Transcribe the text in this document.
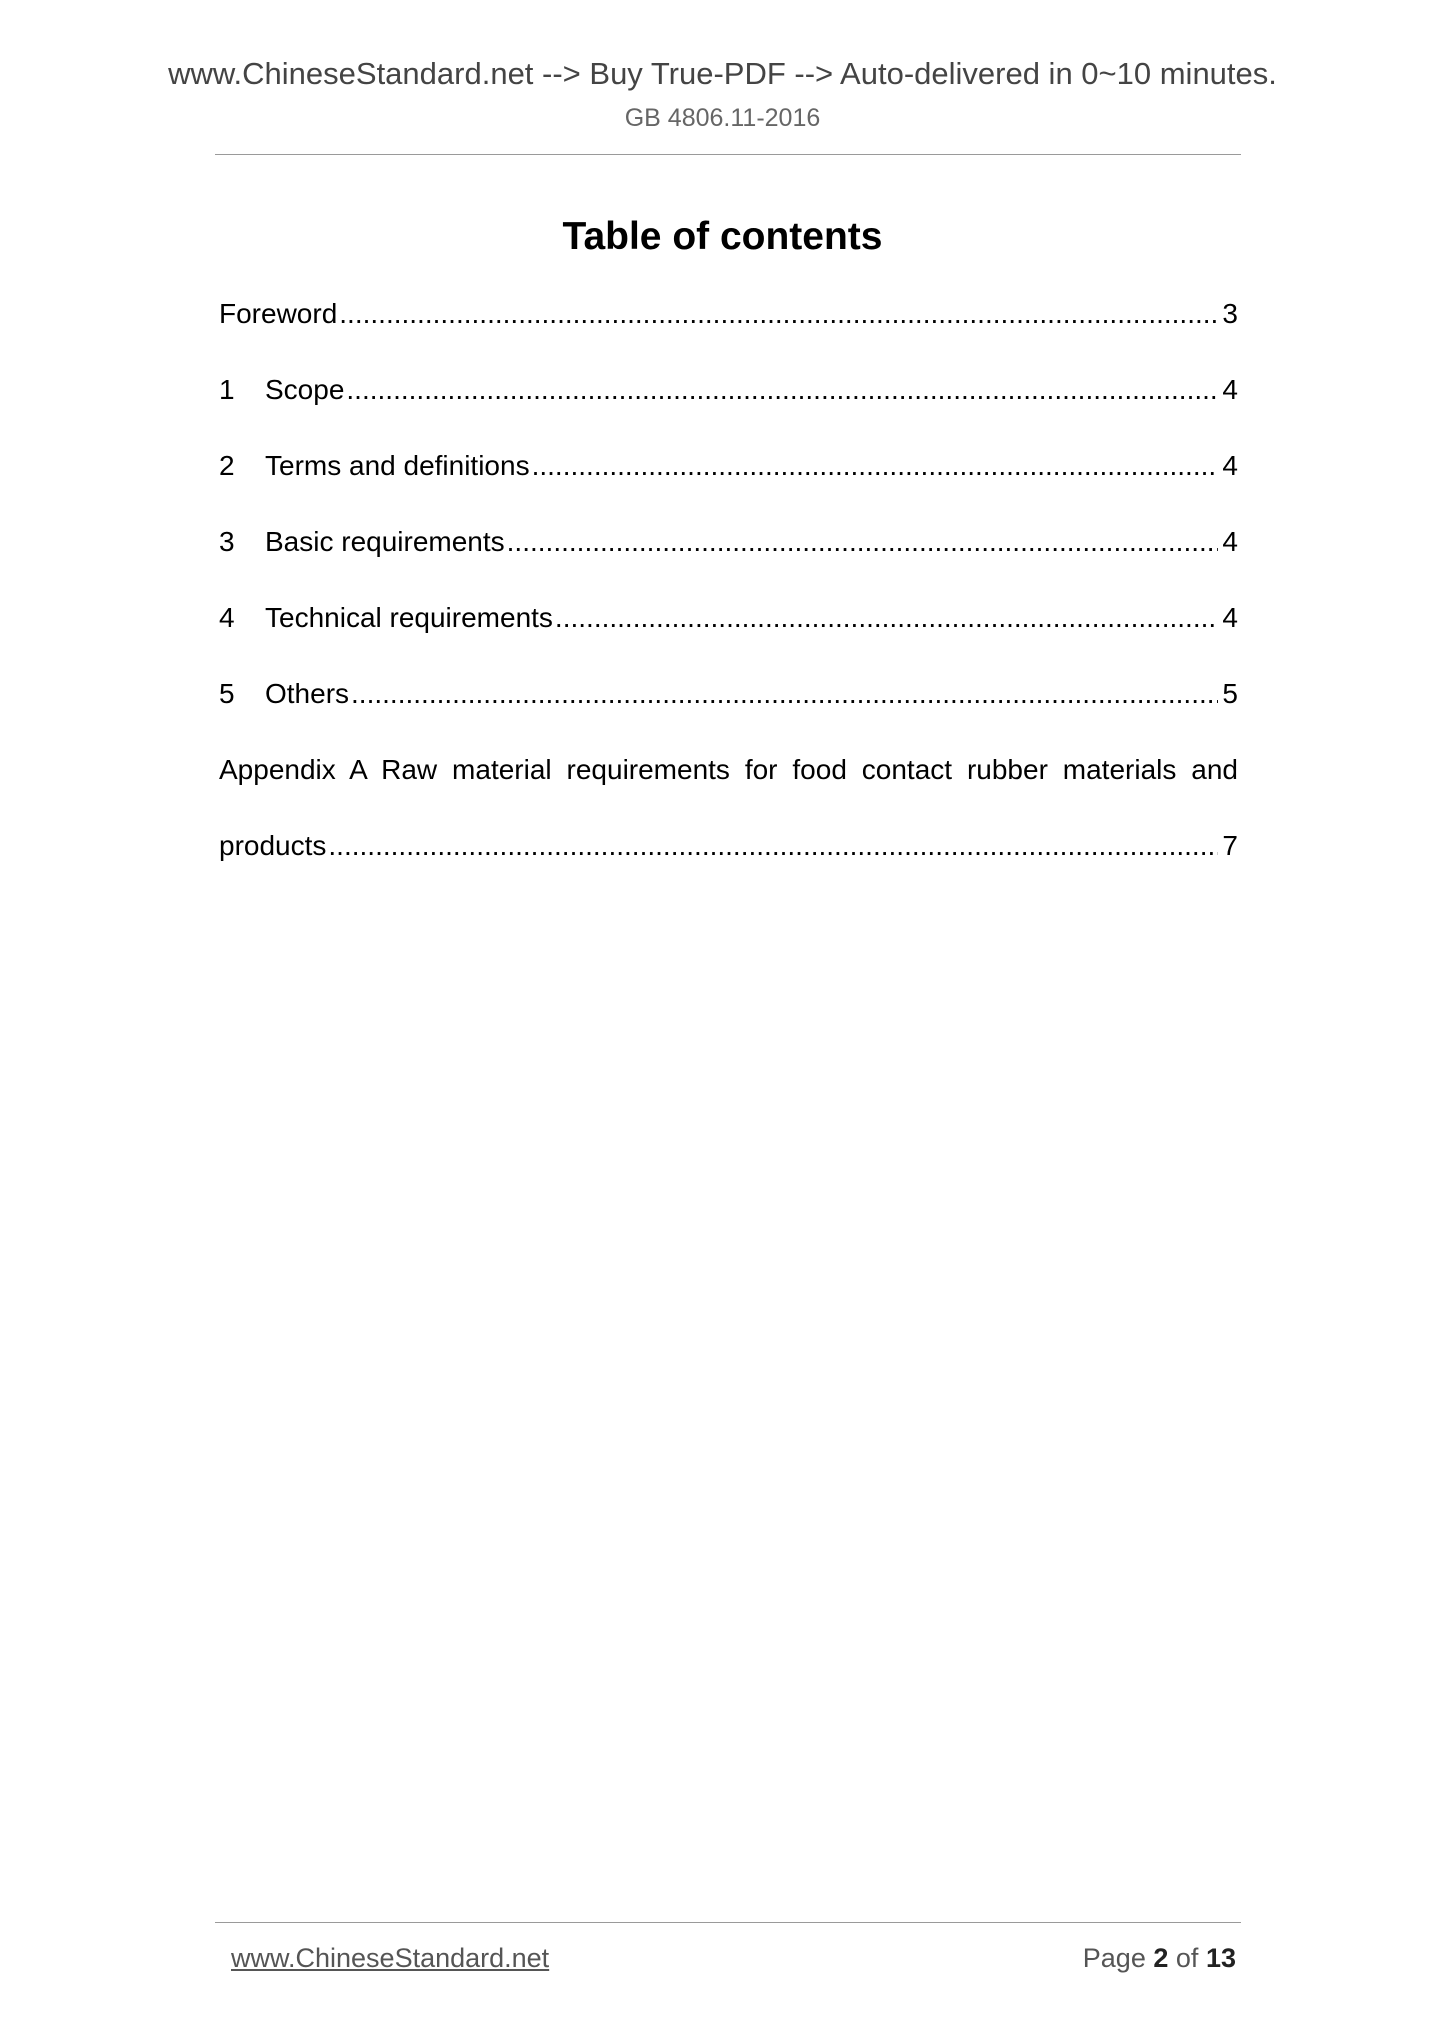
www.ChineseStandard.net --> Buy True-PDF --> Auto-delivered in 0~10 minutes.
GB 4806.11-2016
Table of contents
Foreword .....	3
1	Scope .....	4
2	Terms and definitions .....	4
3	Basic requirements .....	4
4	Technical requirements .....	4
5	Others .....	5
Appendix A Raw material requirements for food contact rubber materials and
products .....	7
www.ChineseStandard.net	Page 2 of 13
